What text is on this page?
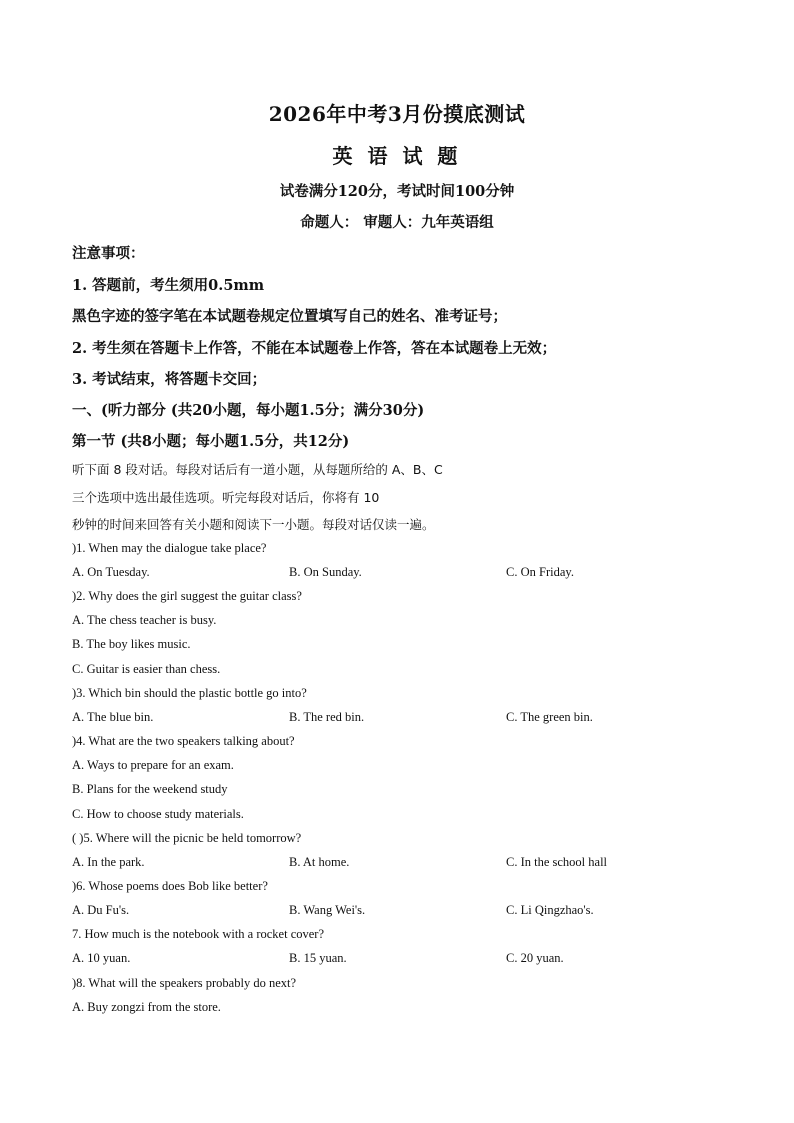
2026年中考3月份摸底测试
英 语 试 题
试卷满分120分，考试时间100分钟
命题人： 审题人：九年英语组
注意事项：
1. 答题前，考生须用0.5mm
黑色字迹的签字笔在本试题卷规定位置填写自己的姓名、准考证号；
2. 考生须在答题卡上作答，不能在本试题卷上作答，答在本试题卷上无效；
3. 考试结束，将答题卡交回；
一、(听力部分 (共20小题，每小题1.5分；满分30分)
第一节 (共8小题；每小题1.5分，共12分)
听下面 8 段对话。每段对话后有一道小题，从每题所给的 A、B、C
三个选项中选出最佳选项。听完每段对话后，你将有 10
秒钟的时间来回答有关小题和阅读下一小题。每段对话仅读一遍。
)1. When may the dialogue take place?
A. On Tuesday.	B. On Sunday.	C. On Friday.
)2. Why does the girl suggest the guitar class?
A. The chess teacher is busy.
B. The boy likes music.
C. Guitar is easier than chess.
)3. Which bin should the plastic bottle go into?
A. The blue bin.	B. The red bin.	C. The green bin.
)4. What are the two speakers talking about?
A. Ways to prepare for an exam.
B. Plans for the weekend study
C. How to choose study materials.
( )5. Where will the picnic be held tomorrow?
A. In the park.	B. At home.	C. In the school hall
)6. Whose poems does Bob like better?
A. Du Fu's.	B. Wang Wei's.	C. Li Qingzhao's.
7. How much is the notebook with a rocket cover?
A. 10 yuan.	B. 15 yuan.	C. 20 yuan.
)8. What will the speakers probably do next?
A. Buy zongzi from the store.
